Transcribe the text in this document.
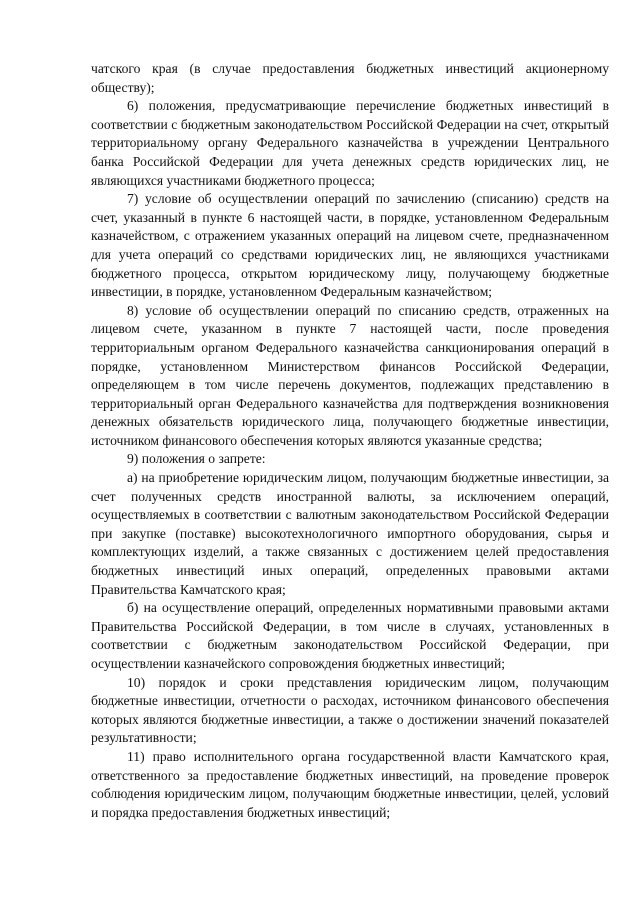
чатского края (в случае предоставления бюджетных инвестиций акционерному обществу);

6) положения, предусматривающие перечисление бюджетных инвестиций в соответствии с бюджетным законодательством Российской Федерации на счет, открытый территориальному органу Федерального казначейства в учреждении Центрального банка Российской Федерации для учета денежных средств юридических лиц, не являющихся участниками бюджетного процесса;

7) условие об осуществлении операций по зачислению (списанию) средств на счет, указанный в пункте 6 настоящей части, в порядке, установленном Федеральным казначейством, с отражением указанных операций на лицевом счете, предназначенном для учета операций со средствами юридических лиц, не являющихся участниками бюджетного процесса, открытом юридическому лицу, получающему бюджетные инвестиции, в порядке, установленном Федеральным казначейством;

8) условие об осуществлении операций по списанию средств, отраженных на лицевом счете, указанном в пункте 7 настоящей части, после проведения территориальным органом Федерального казначейства санкционирования операций в порядке, установленном Министерством финансов Российской Федерации, определяющем в том числе перечень документов, подлежащих представлению в территориальный орган Федерального казначейства для подтверждения возникновения денежных обязательств юридического лица, получающего бюджетные инвестиции, источником финансового обеспечения которых являются указанные средства;

9) положения о запрете:

а) на приобретение юридическим лицом, получающим бюджетные инвестиции, за счет полученных средств иностранной валюты, за исключением операций, осуществляемых в соответствии с валютным законодательством Российской Федерации при закупке (поставке) высокотехнологичного импортного оборудования, сырья и комплектующих изделий, а также связанных с достижением целей предоставления бюджетных инвестиций иных операций, определенных правовыми актами Правительства Камчатского края;

б) на осуществление операций, определенных нормативными правовыми актами Правительства Российской Федерации, в том числе в случаях, установленных в соответствии с бюджетным законодательством Российской Федерации, при осуществлении казначейского сопровождения бюджетных инвестиций;

10) порядок и сроки представления юридическим лицом, получающим бюджетные инвестиции, отчетности о расходах, источником финансового обеспечения которых являются бюджетные инвестиции, а также о достижении значений показателей результативности;

11) право исполнительного органа государственной власти Камчатского края, ответственного за предоставление бюджетных инвестиций, на проведение проверок соблюдения юридическим лицом, получающим бюджетные инвестиции, целей, условий и порядка предоставления бюджетных инвестиций;
